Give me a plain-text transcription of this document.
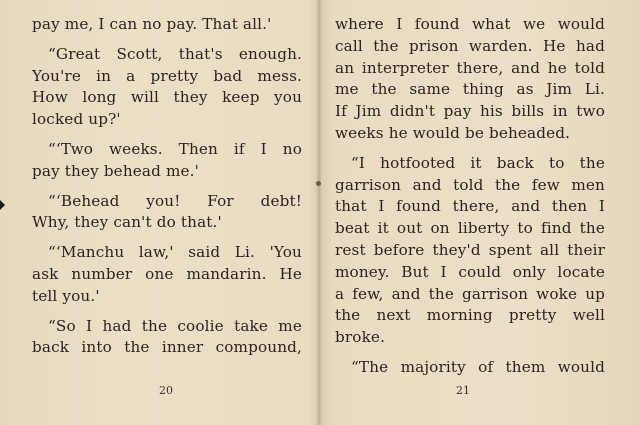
pay me, I can no pay. That all.'

“Great Scott, that's enough.
You're in a pretty bad mess.
How long will they keep you
locked up?'

“‘Two weeks. Then if I no
pay they behead me.'

“‘Behead you! For debt!
Why, they can't do that.'

“‘Manchu law,' said Li. 'You
ask number one mandarin. He
tell you.'

“So I had the coolie take me
back into the inner compound,

20

where I found what we would
call the prison warden. He had
an interpreter there, and he told
me the same thing as Jim Li.
If Jim didn't pay his bills in two
weeks he would be beheaded.

“I hotfooted it back to the
garrison and told the few men
that I found there, and then I
beat it out on liberty to find the
rest before they'd spent all their
money. But I could only locate
a few, and the garrison woke up
the next morning pretty well
broke.

“The majority of them would

21
